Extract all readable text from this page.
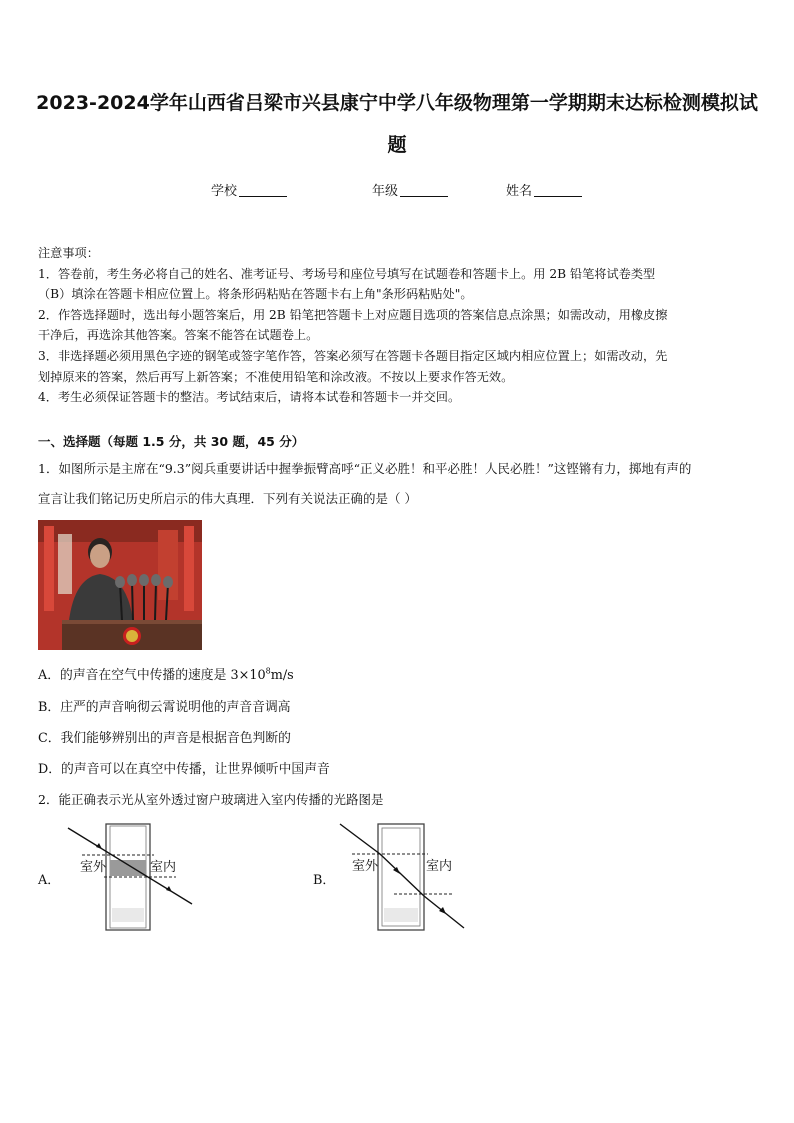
2023-2024学年山西省吕梁市兴县康宁中学八年级物理第一学期期末达标检测模拟试
题
学校	年级	姓名
注意事项：
1．答卷前，考生务必将自己的姓名、准考证号、考场号和座位号填写在试题卷和答题卡上。用 2B 铅笔将试卷类型
（B）填涂在答题卡相应位置上。将条形码粘贴在答题卡右上角"条形码粘贴处"。
2．作答选择题时，选出每小题答案后，用 2B 铅笔把答题卡上对应题目选项的答案信息点涂黑；如需改动，用橡皮擦
干净后，再选涂其他答案。答案不能答在试题卷上。
3．非选择题必须用黑色字迹的钢笔或签字笔作答，答案必须写在答题卡各题目指定区域内相应位置上；如需改动，先
划掉原来的答案，然后再写上新答案；不准使用铅笔和涂改液。不按以上要求作答无效。
4．考生必须保证答题卡的整洁。考试结束后，请将本试卷和答题卡一并交回。
一、选择题（每题 1.5 分，共 30 题，45 分）
1．如图所示是主席在“9.3”阅兵重要讲话中握拳振臂高呼“正义必胜！和平必胜！人民必胜！”这铿锵有力，掷地有声的
宣言让我们铭记历史所启示的伟大真理．下列有关说法正确的是（ ）
A．的声音在空气中传播的速度是 $3\times 10^8m/s$
B．庄严的声音响彻云霄说明他的声音音调高
C．我们能够辨别出的声音是根据音色判断的
D．的声音可以在真空中传播，让世界倾听中国声音
2．能正确表示光从室外透过窗户玻璃进入室内传播的光路图是
A．	B．
室外	室内	室外	室内
